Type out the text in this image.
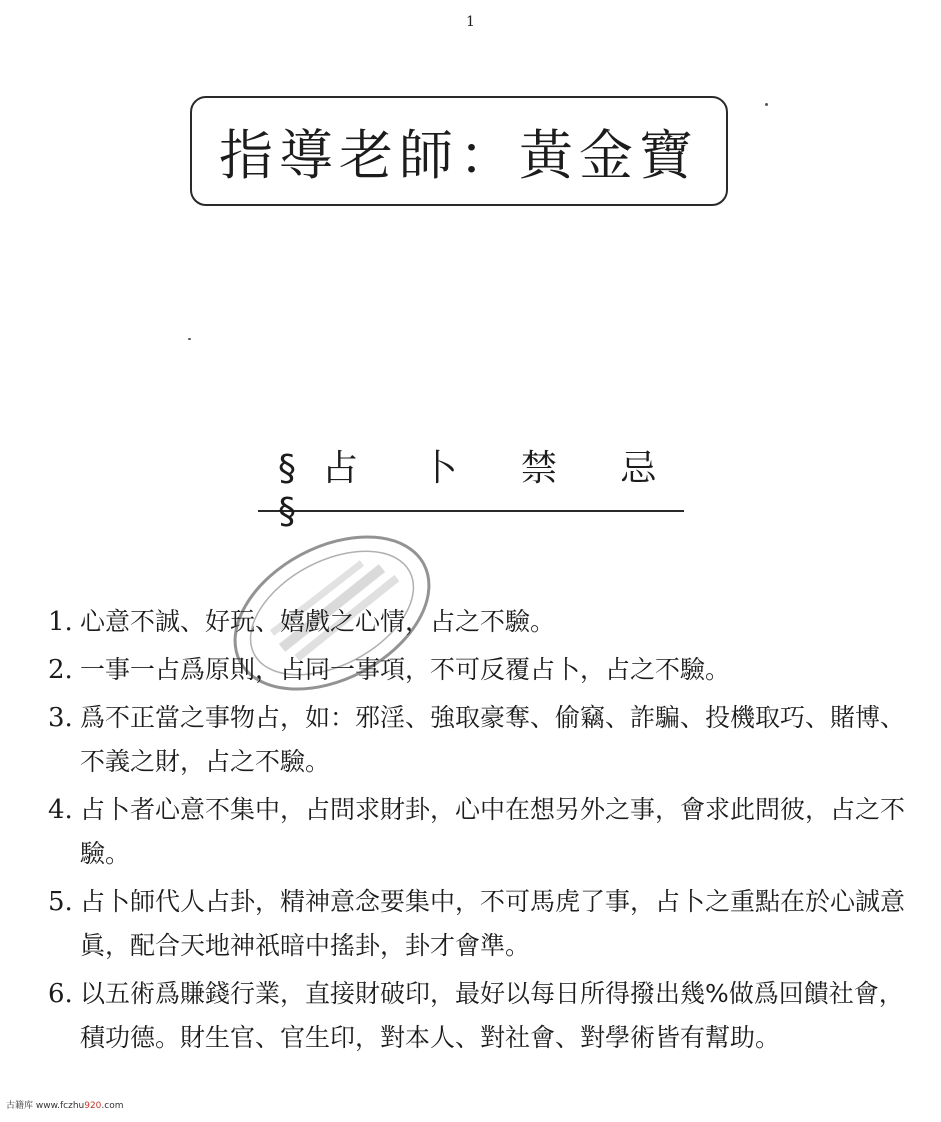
1
指導老師：黃金寶
§占 卜 禁 忌§
1. 心意不誠、好玩、嬉戲之心情，占之不驗。
2. 一事一占爲原則，占同一事項，不可反覆占卜，占之不驗。
3. 爲不正當之事物占，如：邪淫、強取豪奪、偷竊、詐騙、投機取巧、賭博、不義之財，占之不驗。
4. 占卜者心意不集中，占問求財卦，心中在想另外之事，會求此問彼，占之不驗。
5. 占卜師代人占卦，精神意念要集中，不可馬虎了事，占卜之重點在於心誠意眞，配合天地神祇暗中搖卦，卦才會準。
6. 以五術爲賺錢行業，直接財破印，最好以每日所得撥出幾%做爲回饋社會，積功德。財生官、官生印，對本人、對社會、對學術皆有幫助。
古籍库 www.fczhu920.com
